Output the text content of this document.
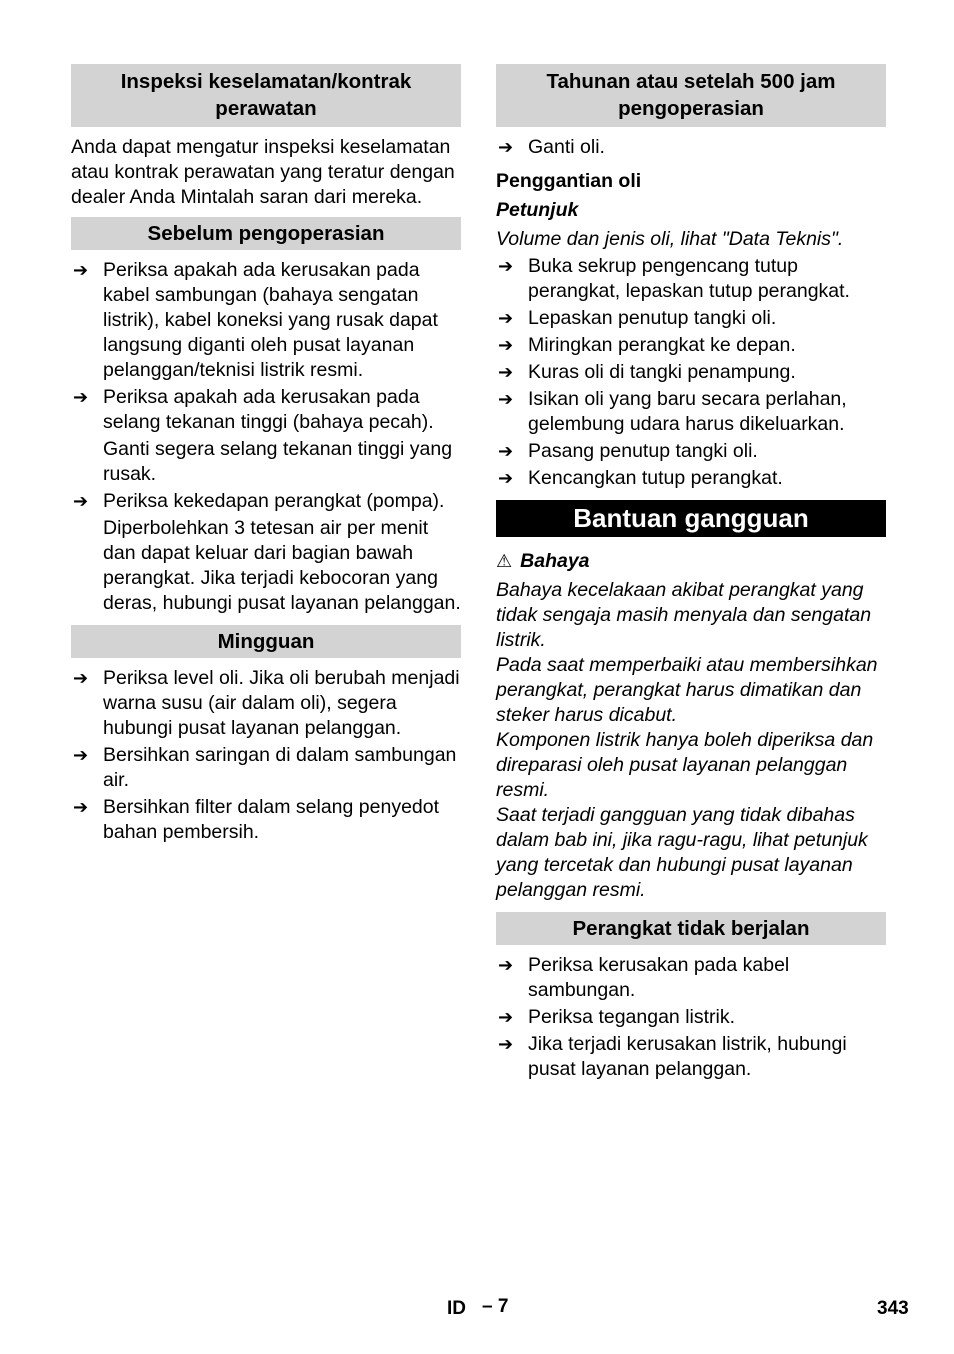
Inspeksi keselamatan/kontrak perawatan

Anda dapat mengatur inspeksi keselamatan atau kontrak perawatan yang teratur dengan dealer Anda Mintalah saran dari mereka.

Sebelum pengoperasian
➔ Periksa apakah ada kerusakan pada kabel sambungan (bahaya sengatan listrik), kabel koneksi yang rusak dapat langsung diganti oleh pusat layanan pelanggan/teknisi listrik resmi.
➔ Periksa apakah ada kerusakan pada selang tekanan tinggi (bahaya pecah).
Ganti segera selang tekanan tinggi yang rusak.
➔ Periksa kekedapan perangkat (pompa).
Diperbolehkan 3 tetesan air per menit dan dapat keluar dari bagian bawah perangkat. Jika terjadi kebocoran yang deras, hubungi pusat layanan pelanggan.
Mingguan
➔ Periksa level oli. Jika oli berubah menjadi warna susu (air dalam oli), segera hubungi pusat layanan pelanggan.
➔ Bersihkan saringan di dalam sambungan air.
➔ Bersihkan filter dalam selang penyedot bahan pembersih.
Tahunan atau setelah 500 jam pengoperasian
➔ Ganti oli.

Penggantian oli

Petunjuk

Volume dan jenis oli, lihat "Data Teknis".

➔ Buka sekrup pengencang tutup perangkat, lepaskan tutup perangkat.
➔ Lepaskan penutup tangki oli.
➔ Miringkan perangkat ke depan.
➔ Kuras oli di tangki penampung.
➔ Isikan oli yang baru secara perlahan, gelembung udara harus dikeluarkan.
➔ Pasang penutup tangki oli.
➔ Kencangkan tutup perangkat.
Bantuan gangguan

⚠ Bahaya

Bahaya kecelakaan akibat perangkat yang tidak sengaja masih menyala dan sengatan listrik.

Pada saat memperbaiki atau membersihkan perangkat, perangkat harus dimatikan dan steker harus dicabut.

Komponen listrik hanya boleh diperiksa dan direparasi oleh pusat layanan pelanggan resmi.

Saat terjadi gangguan yang tidak dibahas dalam bab ini, jika ragu-ragu, lihat petunjuk yang tercetak dan hubungi pusat layanan pelanggan resmi.

Perangkat tidak berjalan
➔ Periksa kerusakan pada kabel sambungan.
➔ Periksa tegangan listrik.
➔ Jika terjadi kerusakan listrik, hubungi pusat layanan pelanggan.
ID – 7	343
